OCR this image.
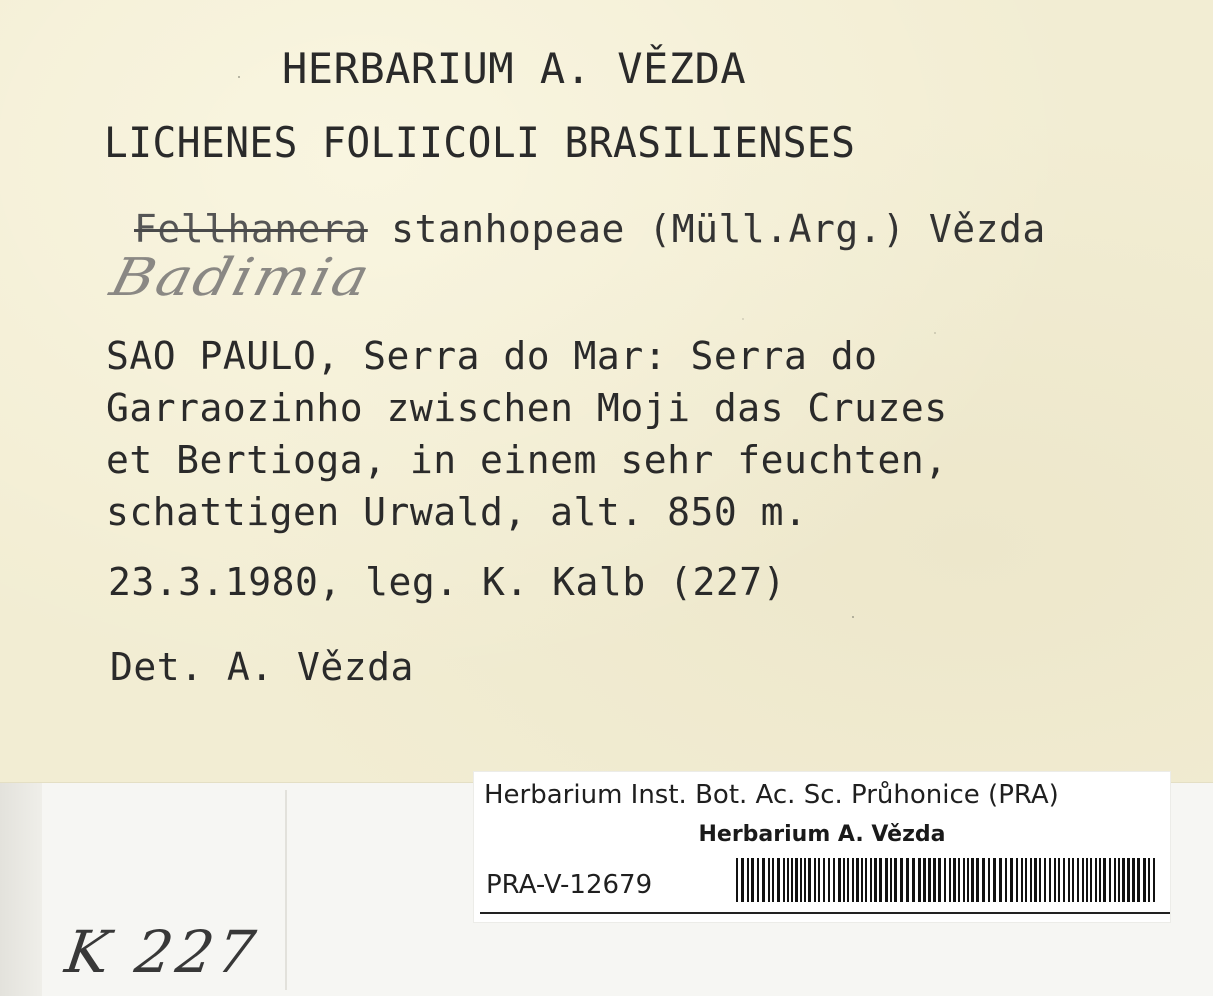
HERBARIUM A. VĚZDA
LICHENES FOLIICOLI BRASILIENSES
Fellhanera stanhopeae (Müll.Arg.) Vězda
Badimia
SAO PAULO, Serra do Mar: Serra do
Garraozinho zwischen Moji das Cruzes
et Bertioga, in einem sehr feuchten,
schattigen Urwald, alt. 850 m.
23.3.1980, leg. K. Kalb (227)
Det. A. Vězda
K 227
Herbarium Inst. Bot. Ac. Sc. Průhonice (PRA)
Herbarium A. Vězda
PRA-V-12679
